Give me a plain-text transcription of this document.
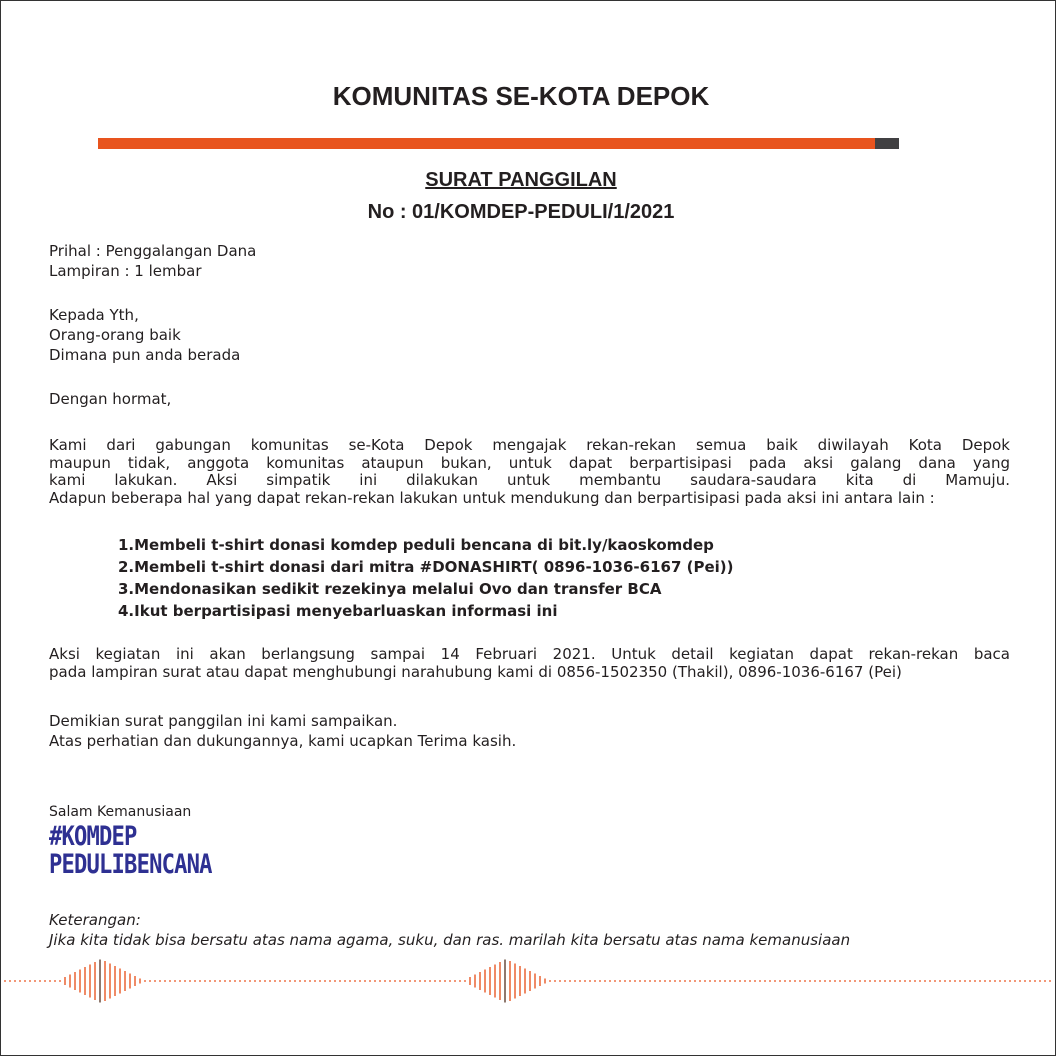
KOMUNITAS SE-KOTA DEPOK
SURAT PANGGILAN
No : 01/KOMDEP-PEDULI/1/2021
Prihal : Penggalangan Dana
Lampiran : 1 lembar
Kepada Yth,
Orang-orang baik
Dimana pun anda berada
Dengan hormat,
Kami dari gabungan komunitas se-Kota Depok mengajak rekan-rekan semua baik diwilayah Kota Depok
maupun tidak, anggota komunitas ataupun bukan, untuk dapat berpartisipasi pada aksi galang dana yang
kami lakukan. Aksi simpatik ini dilakukan untuk membantu saudara-saudara kita di Mamuju.
Adapun beberapa hal yang dapat rekan-rekan lakukan untuk mendukung dan berpartisipasi pada aksi ini antara lain :
1.Membeli t-shirt donasi komdep peduli bencana di bit.ly/kaoskomdep
2.Membeli t-shirt donasi dari mitra #DONASHIRT( 0896-1036-6167 (Pei))
3.Mendonasikan sedikit rezekinya melalui Ovo dan transfer BCA
4.Ikut berpartisipasi menyebarluaskan informasi ini
Aksi kegiatan ini akan berlangsung sampai 14 Februari 2021. Untuk detail kegiatan dapat rekan-rekan baca
pada lampiran surat atau dapat menghubungi narahubung kami di 0856-1502350 (Thakil), 0896-1036-6167 (Pei)
Demikian surat panggilan ini kami sampaikan.
Atas perhatian dan dukungannya, kami ucapkan Terima kasih.
Salam Kemanusiaan
#KOMDEP
PEDULIBENCANA
Keterangan:
Jika kita tidak bisa bersatu atas nama agama, suku, dan ras. marilah kita bersatu atas nama kemanusiaan
